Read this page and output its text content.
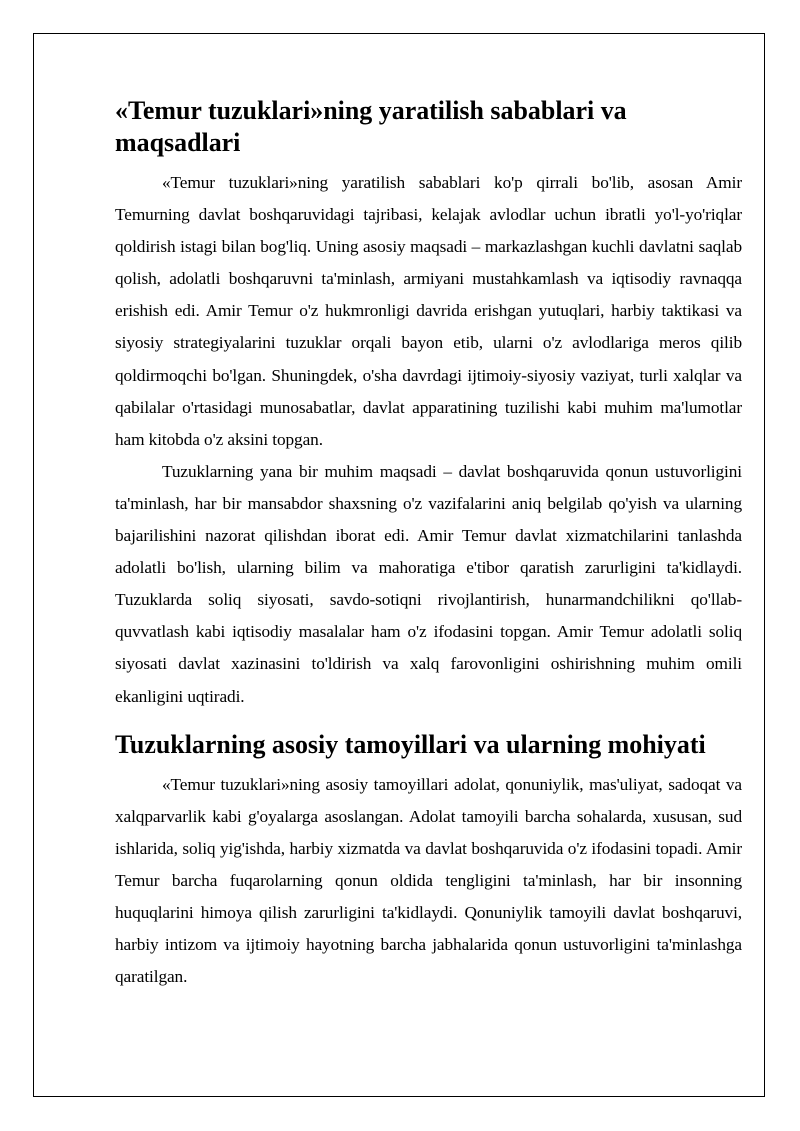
«Temur tuzuklari»ning yaratilish sabablari va maqsadlari

«Temur tuzuklari»ning yaratilish sabablari ko'p qirrali bo'lib, asosan Amir Temurning davlat boshqaruvidagi tajribasi, kelajak avlodlar uchun ibratli yo'l-yo'riqlar qoldirish istagi bilan bog'liq. Uning asosiy maqsadi – markazlashgan kuchli davlatni saqlab qolish, adolatli boshqaruvni ta'minlash, armiyani mustahkamlash va iqtisodiy ravnaqqa erishish edi. Amir Temur o'z hukmronligi davrida erishgan yutuqlari, harbiy taktikasi va siyosiy strategiyalarini tuzuklar orqali bayon etib, ularni o'z avlodlariga meros qilib qoldirmoqchi bo'lgan. Shuningdek, o'sha davrdagi ijtimoiy-siyosiy vaziyat, turli xalqlar va qabilalar o'rtasidagi munosabatlar, davlat apparatining tuzilishi kabi muhim ma'lumotlar ham kitobda o'z aksini topgan.

Tuzuklarning yana bir muhim maqsadi – davlat boshqaruvida qonun ustuvorligini ta'minlash, har bir mansabdor shaxsning o'z vazifalarini aniq belgilab qo'yish va ularning bajarilishini nazorat qilishdan iborat edi. Amir Temur davlat xizmatchilarini tanlashda adolatli bo'lish, ularning bilim va mahoratiga e'tibor qaratish zarurligini ta'kidlaydi. Tuzuklarda soliq siyosati, savdo-sotiqni rivojlantirish, hunarmandchilikni qo'llab-quvvatlash kabi iqtisodiy masalalar ham o'z ifodasini topgan. Amir Temur adolatli soliq siyosati davlat xazinasini to'ldirish va xalq farovonligini oshirishning muhim omili ekanligini uqtiradi.

Tuzuklarning asosiy tamoyillari va ularning mohiyati

«Temur tuzuklari»ning asosiy tamoyillari adolat, qonuniylik, mas'uliyat, sadoqat va xalqparvarlik kabi g'oyalarga asoslangan. Adolat tamoyili barcha sohalarda, xususan, sud ishlarida, soliq yig'ishda, harbiy xizmatda va davlat boshqaruvida o'z ifodasini topadi. Amir Temur barcha fuqarolarning qonun oldida tengligini ta'minlash, har bir insonning huquqlarini himoya qilish zarurligini ta'kidlaydi. Qonuniylik tamoyili davlat boshqaruvi, harbiy intizom va ijtimoiy hayotning barcha jabhalarida qonun ustuvorligini ta'minlashga qaratilgan.
